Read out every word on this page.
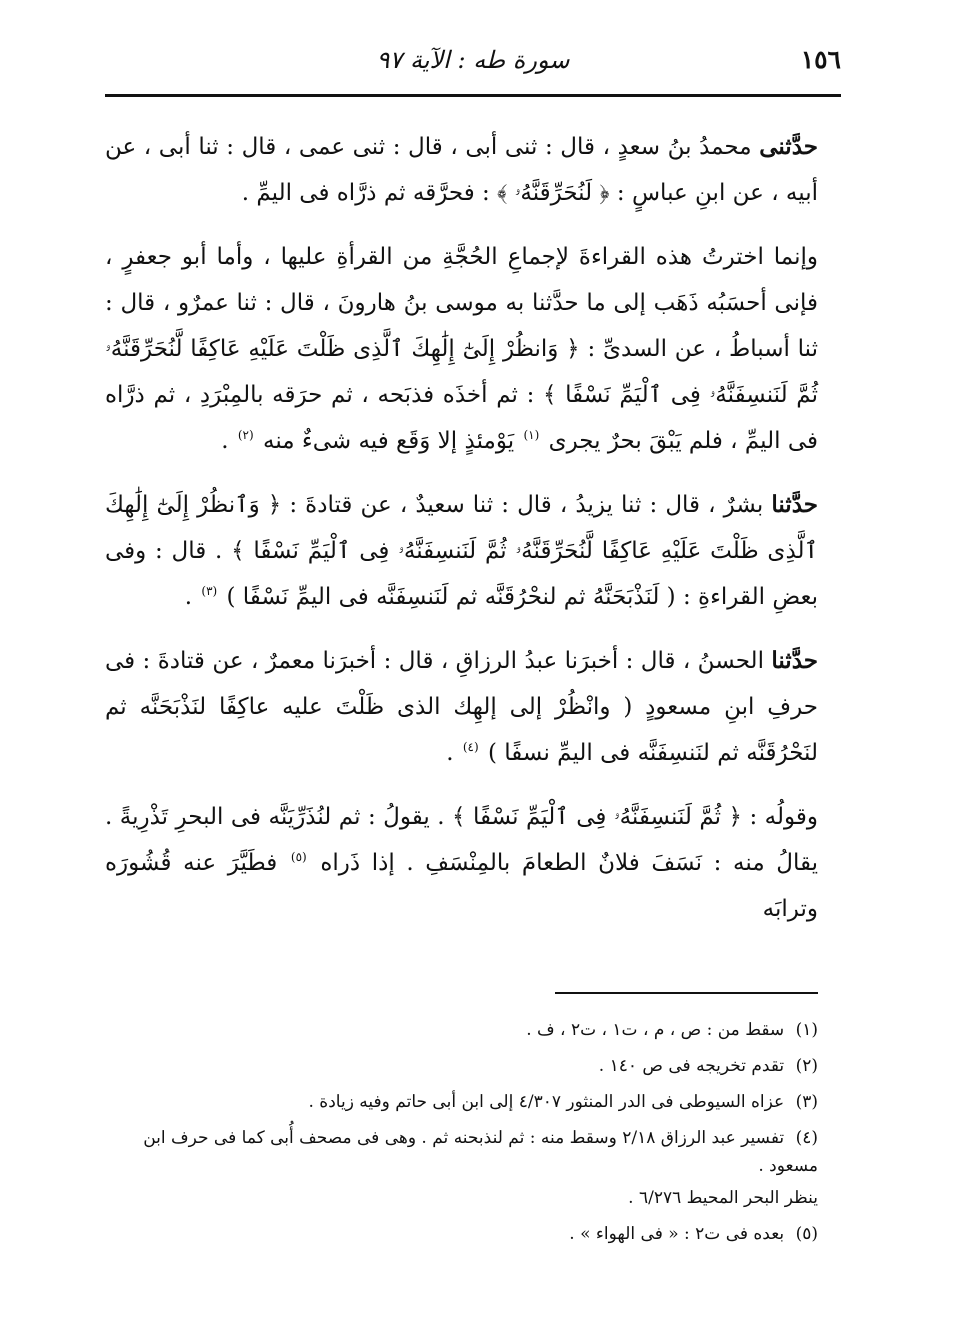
١٥٦
سورة طه : الآية ٩٧

حدَّثنى محمدُ بنُ سعدٍ ، قال : ثنى أبى ، قال : ثنى عمى ، قال : ثنا أبى ، عن أبيه ، عن ابنِ عباسٍ : ﴿ لَنُحَرِّقَنَّهُۥ ﴾ : فحرَّقه ثم ذرَّاه فى اليمِّ .

وإنما اخترتُ هذه القراءةَ لإجماعِ الحُجَّةِ من القرأةِ عليها ، وأما أبو جعفرٍ ، فإنى أحسَبُه ذَهَب إلى ما حدَّثنا به موسى بنُ هارونَ ، قال : ثنا عمرٌو ، قال : ثنا أسباطُ ، عن السدىِّ : ﴿ وَانظُرْ إِلَىٰٓ إِلَٰهِكَ ٱلَّذِى ظَلْتَ عَلَيْهِ عَاكِفًا لَّنُحَرِّقَنَّهُۥ ثُمَّ لَنَنسِفَنَّهُۥ فِى ٱلْيَمِّ نَسْفًا ﴾ : ثم أخذَه فذبَحه ، ثم حرَقه بالمِبْرَدِ ، ثم ذرَّاه فى اليمِّ ، فلم يَبْقَ بحرٌ يجرى (١) يَوْمئذٍ إلا وَقَع فيه شىءٌ منه (٢) .

حدَّثنا بشرٌ ، قال : ثنا يزيدُ ، قال : ثنا سعيدٌ ، عن قتادةَ : ﴿ وَٱنظُرْ إِلَىٰٓ إِلَٰهِكَ ٱلَّذِى ظَلْتَ عَلَيْهِ عَاكِفًا لَّنُحَرِّقَنَّهُۥ ثُمَّ لَنَنسِفَنَّهُۥ فِى ٱلْيَمِّ نَسْفًا ﴾ . قال : وفى بعضِ القراءةِ : ( لَنَذْبَحَنَّهُ ثم لنحْرُقَنَّه ثم لَنَنسِفَنَّه فى اليمِّ نَسْفًا ) (٣) .

حدَّثنا الحسنُ ، قال : أخبرَنا عبدُ الرزاقِ ، قال : أخبرَنا معمرٌ ، عن قتادةَ : فى حرفِ ابنِ مسعودٍ ( وانْظُرْ إلى إلهِك الذى ظَلْتَ عليه عاكِفًا لنَذْبَحَنَّه ثم لنَحْرُقَنَّه ثم لنَنسِفَنَّه فى اليمِّ نسفًا ) (٤) .

وقولُه : ﴿ ثُمَّ لَنَنسِفَنَّهُۥ فِى ٱلْيَمِّ نَسْفًا ﴾ . يقولُ : ثم لنُذَرِّيَنَّه فى البحرِ تَذْرِيةً . يقالُ منه : نَسَفَ فلانٌ الطعامَ بالمِنْسَفِ . إذا ذَراه (٥) فطَيَّرَ عنه قُشُورَه وترابَه

(١) سقط من : ص ، م ، ت١ ، ت٢ ، ف .

(٢) تقدم تخريجه فى ص ١٤٠ .

(٣) عزاه السيوطى فى الدر المنثور ٤/٣٠٧ إلى ابن أبى حاتم وفيه زيادة .

(٤) تفسير عبد الرزاق ٢/١٨ وسقط منه : ثم لنذبحنه ثم . وهى فى مصحف أُبى كما فى حرف ابن مسعود .
ينظر البحر المحيط ٦/٢٧٦ .

(٥) بعده فى ت٢ : « فى الهواء » .
